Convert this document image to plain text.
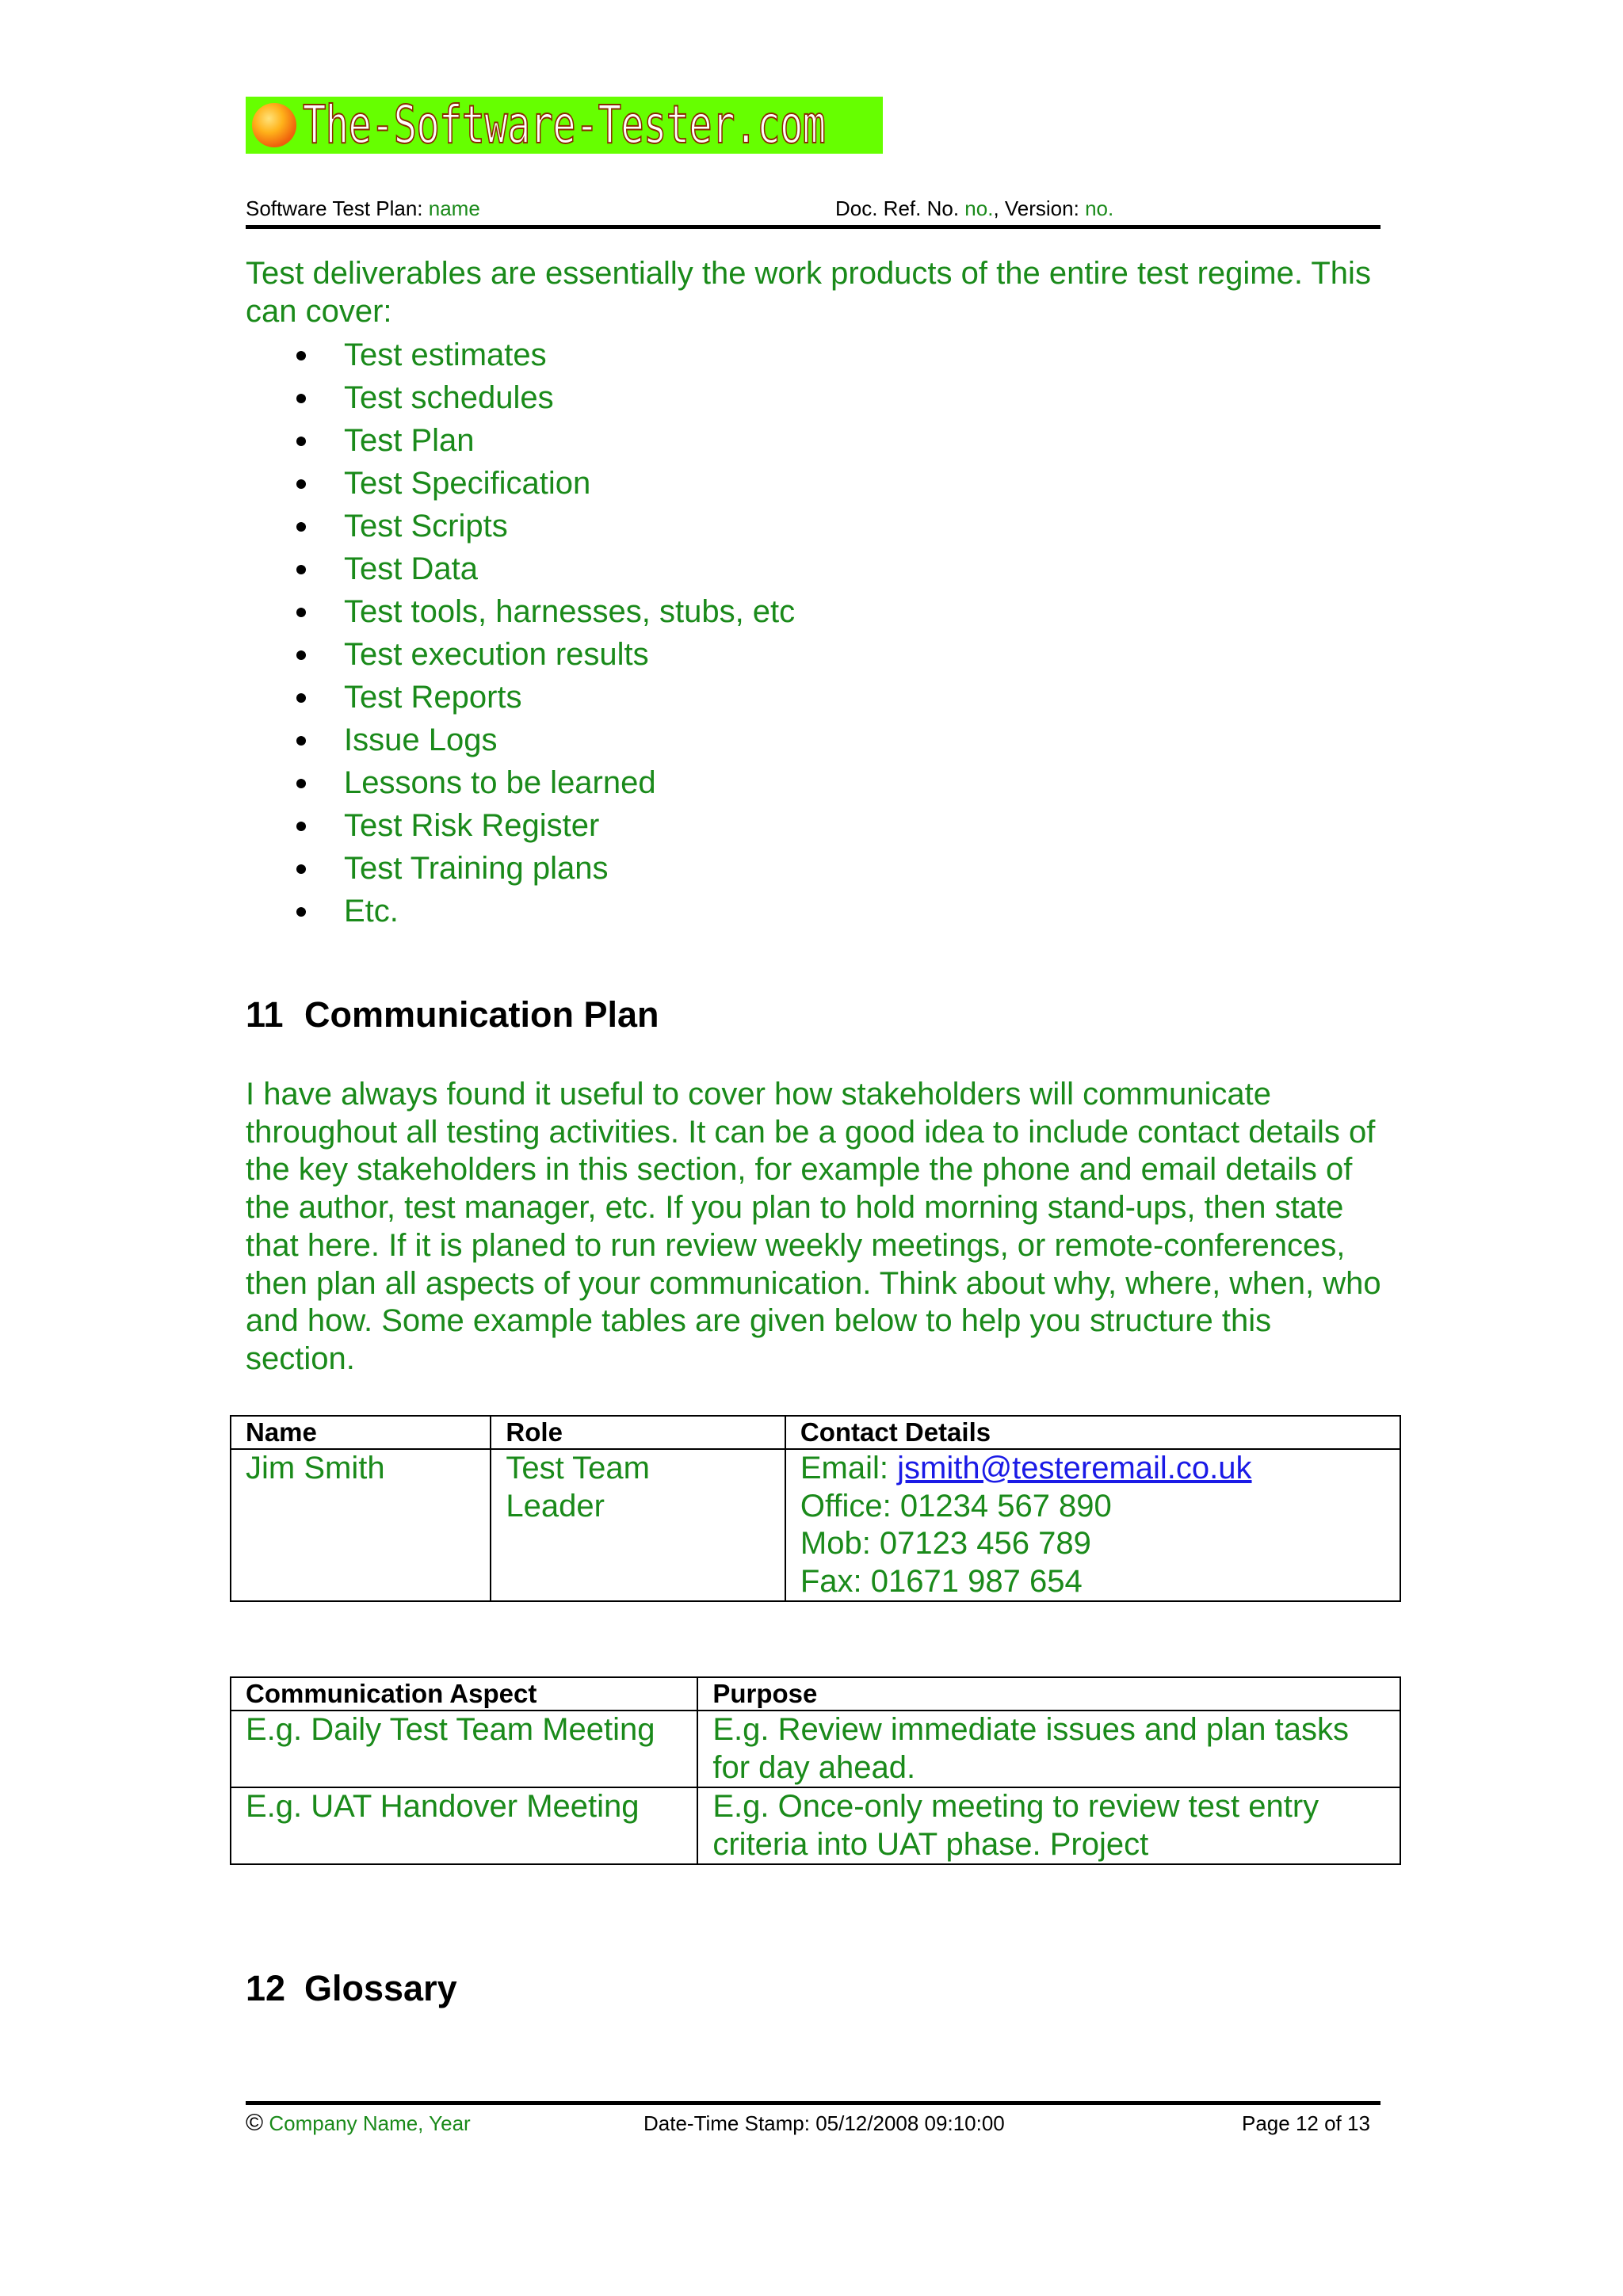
The-Software-Tester.com
Software Test Plan: name	Doc. Ref. No. no., Version: no.

Test deliverables are essentially the work products of the entire test regime. This can cover:

Test estimates
Test schedules
Test Plan
Test Specification
Test Scripts
Test Data
Test tools, harnesses, stubs, etc
Test execution results
Test Reports
Issue Logs
Lessons to be learned
Test Risk Register
Test Training plans
Etc.
11 Communication Plan

I have always found it useful to cover how stakeholders will communicate throughout all testing activities. It can be a good idea to include contact details of the key stakeholders in this section, for example the phone and email details of the author, test manager, etc. If you plan to hold morning stand-ups, then state that here. If it is planed to run review weekly meetings, or remote-conferences, then plan all aspects of your communication. Think about why, where, when, who and how. Some example tables are given below to help you structure this section.

Name	Role	Contact Details
Jim Smith	Test Team Leader	Email: jsmith@testeremail.co.uk
Office: 01234 567 890
Mob: 07123 456 789
Fax: 01671 987 654
Communication Aspect	Purpose
E.g. Daily Test Team Meeting	E.g. Review immediate issues and plan tasks for day ahead.
E.g. UAT Handover Meeting	E.g. Once-only meeting to review test entry criteria into UAT phase. Project
12 Glossary
© Company Name, Year	Date-Time Stamp: 05/12/2008 09:10:00	Page 12 of 13
